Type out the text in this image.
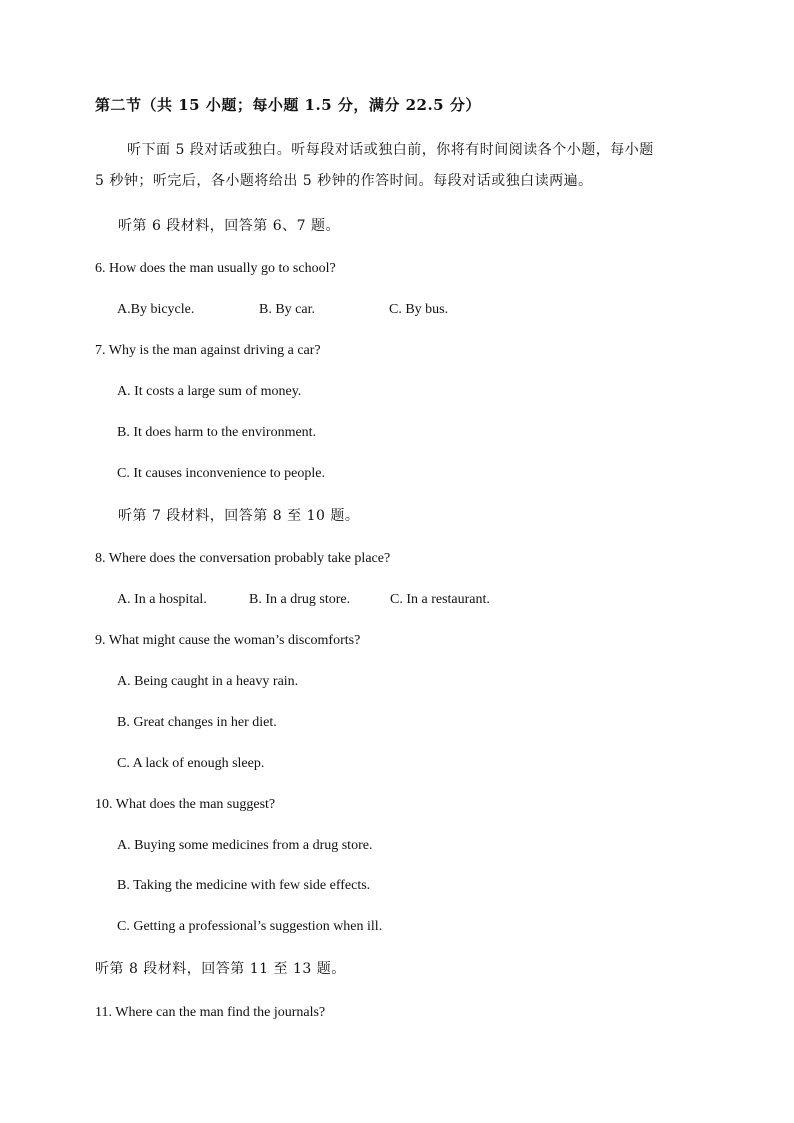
第二节（共 15 小题；每小题 1.5 分，满分 22.5 分）
听下面 5 段对话或独白。听每段对话或独白前，你将有时间阅读各个小题，每小题
5 秒钟；听完后，各小题将给出 5 秒钟的作答时间。每段对话或独白读两遍。
听第 6 段材料，回答第 6、7 题。
6. How does the man usually go to school?
A.By bicycle.	B. By car.	C. By bus.
7. Why is the man against driving a car?
A. It costs a large sum of money.
B. It does harm to the environment.
C. It causes inconvenience to people.
听第 7 段材料，回答第 8 至 10 题。
8. Where does the conversation probably take place?
A. In a hospital.	B. In a drug store.	C. In a restaurant.
9. What might cause the woman’s discomforts?
A. Being caught in a heavy rain.
B. Great changes in her diet.
C. A lack of enough sleep.
10. What does the man suggest?
A. Buying some medicines from a drug store.
B. Taking the medicine with few side effects.
C. Getting a professional’s suggestion when ill.
听第 8 段材料，回答第 11 至 13 题。
11. Where can the man find the journals?
